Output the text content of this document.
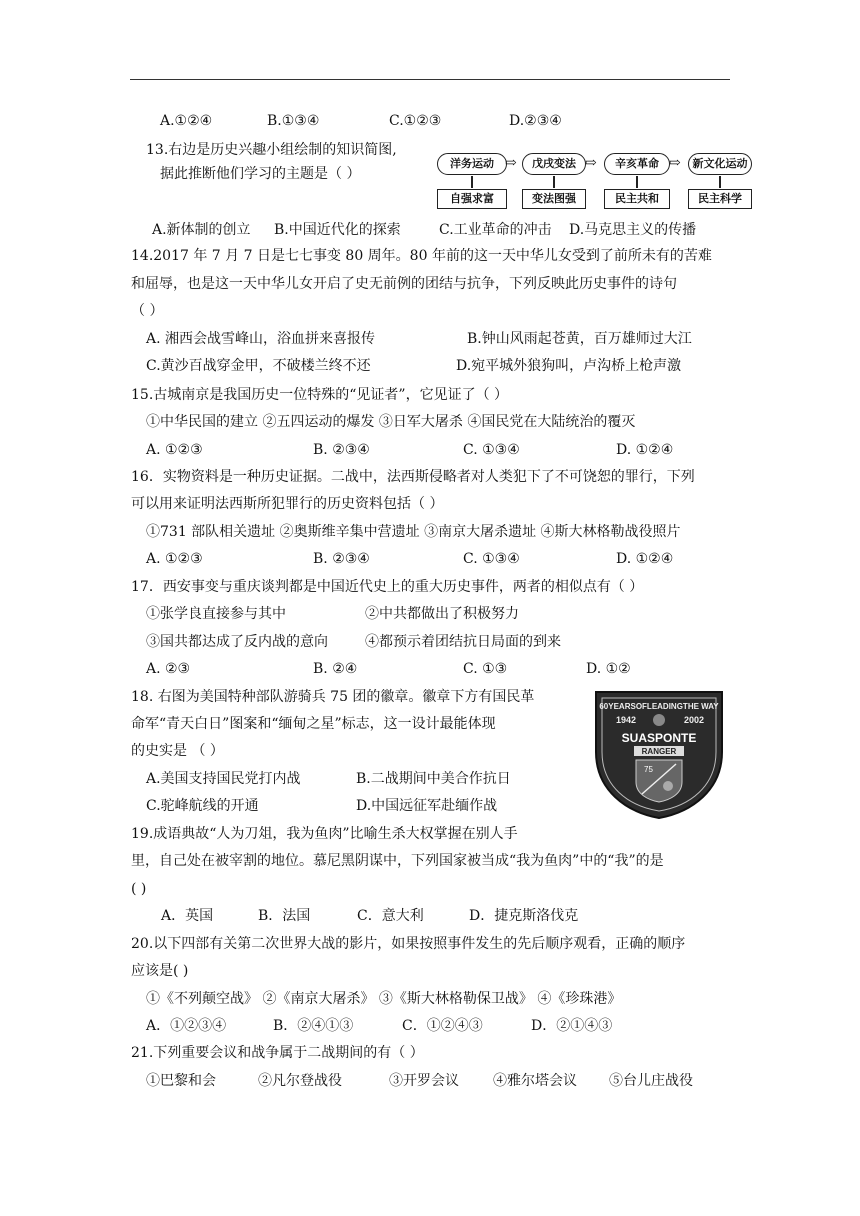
A.①②④	B.①③④	C.①②③	D.②③④
13.右边是历史兴趣小组绘制的知识简图,
据此推断他们学习的主题是（ ）
洋务运动 ⇨	戊戌变法 ⇨	辛亥革命 ⇨	新文化运动
自强求富	变法图强	民主共和	民主科学
A.新体制的创立 B.中国近代化的探索	C.工业革命的冲击 D.马克思主义的传播
14.2017 年 7 月 7 日是七七事变 80 周年。80 年前的这一天中华儿女受到了前所未有的苦难
和屈辱，也是这一天中华儿女开启了史无前例的团结与抗争，下列反映此历史事件的诗句
（ ）
A. 湘西会战雪峰山，浴血拼来喜报传	B.钟山风雨起苍黄，百万雄师过大江
C.黄沙百战穿金甲，不破楼兰终不还	D.宛平城外狼狗叫，卢沟桥上枪声激
15.古城南京是我国历史一位特殊的“见证者”，它见证了（ ）
①中华民国的建立 ②五四运动的爆发 ③日军大屠杀 ④国民党在大陆统治的覆灭
A. ①②③	B. ②③④	C. ①③④	D. ①②④
16．实物资料是一种历史证据。二战中，法西斯侵略者对人类犯下了不可饶恕的罪行，下列
可以用来证明法西斯所犯罪行的历史资料包括（ ）
①731 部队相关遗址 ②奥斯维辛集中营遗址 ③南京大屠杀遗址 ④斯大林格勒战役照片
A. ①②③	B. ②③④	C. ①③④	D. ①②④
17．西安事变与重庆谈判都是中国近代史上的重大历史事件，两者的相似点有（ ）
①张学良直接参与其中	②中共都做出了积极努力
③国共都达成了反内战的意向	④都预示着团结抗日局面的到来
A. ②③	B. ②④	C. ①③	D. ①②
18. 右图为美国特种部队游骑兵 75 团的徽章。徽章下方有国民革
命军“青天白日”图案和“缅甸之星”标志，这一设计最能体现
的史实是 （ ）
A.美国支持国民党打内战	B.二战期间中美合作抗日
C.驼峰航线的开通	D.中国远征军赴缅作战
60YEARSOFLEADINGTHE WAY
1942	2002
SUASPONTE
RANGER
75
19.成语典故“人为刀俎，我为鱼肉”比喻生杀大权掌握在别人手
里，自己处在被宰割的地位。慕尼黑阴谋中，下列国家被当成“我为鱼肉”中的“我”的是
( )
A．英国	B．法国	C．意大利	D．捷克斯洛伐克
20.以下四部有关第二次世界大战的影片，如果按照事件发生的先后顺序观看，正确的顺序
应该是( )
①《不列颠空战》 ②《南京大屠杀》 ③《斯大林格勒保卫战》 ④《珍珠港》
A．①②③④	B．②④①③	C．①②④③	D．②①④③
21.下列重要会议和战争属于二战期间的有（ ）
①巴黎和会	②凡尔登战役	③开罗会议 ④雅尔塔会议 ⑤台儿庄战役
